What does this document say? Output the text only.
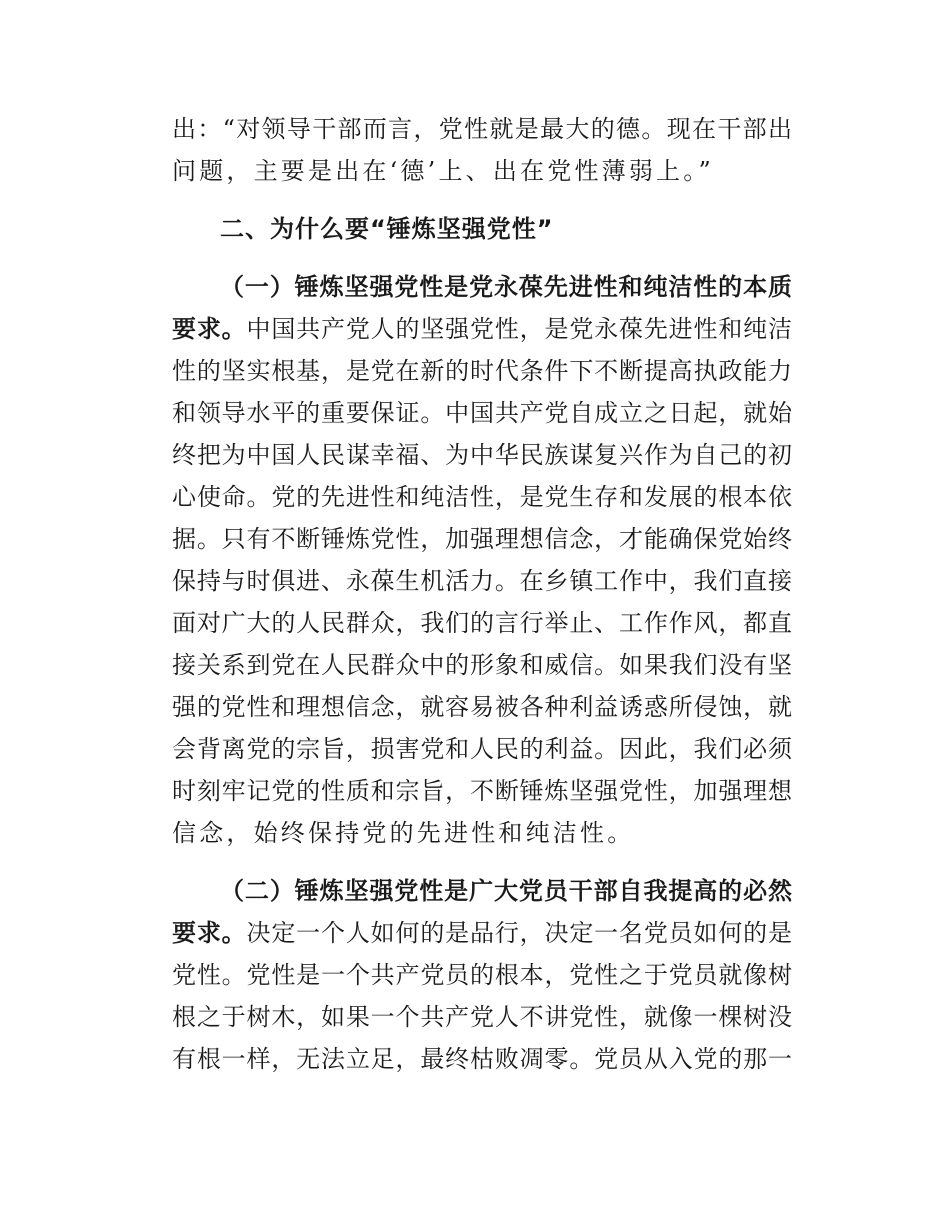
出：“对领导干部而言，党性就是最大的德。现在干部出
问题，主要是出在‘德’上、出在党性薄弱上。”
二、为什么要“锤炼坚强党性”
（一）锤炼坚强党性是党永葆先进性和纯洁性的本质
要求。中国共产党人的坚强党性，是党永葆先进性和纯洁
性的坚实根基，是党在新的时代条件下不断提高执政能力
和领导水平的重要保证。中国共产党自成立之日起，就始
终把为中国人民谋幸福、为中华民族谋复兴作为自己的初
心使命。党的先进性和纯洁性，是党生存和发展的根本依
据。只有不断锤炼党性，加强理想信念，才能确保党始终
保持与时俱进、永葆生机活力。在乡镇工作中，我们直接
面对广大的人民群众，我们的言行举止、工作作风，都直
接关系到党在人民群众中的形象和威信。如果我们没有坚
强的党性和理想信念，就容易被各种利益诱惑所侵蚀，就
会背离党的宗旨，损害党和人民的利益。因此，我们必须
时刻牢记党的性质和宗旨，不断锤炼坚强党性，加强理想
信念，始终保持党的先进性和纯洁性。
（二）锤炼坚强党性是广大党员干部自我提高的必然
要求。决定一个人如何的是品行，决定一名党员如何的是
党性。党性是一个共产党员的根本，党性之于党员就像树
根之于树木，如果一个共产党人不讲党性，就像一棵树没
有根一样，无法立足，最终枯败凋零。党员从入党的那一
